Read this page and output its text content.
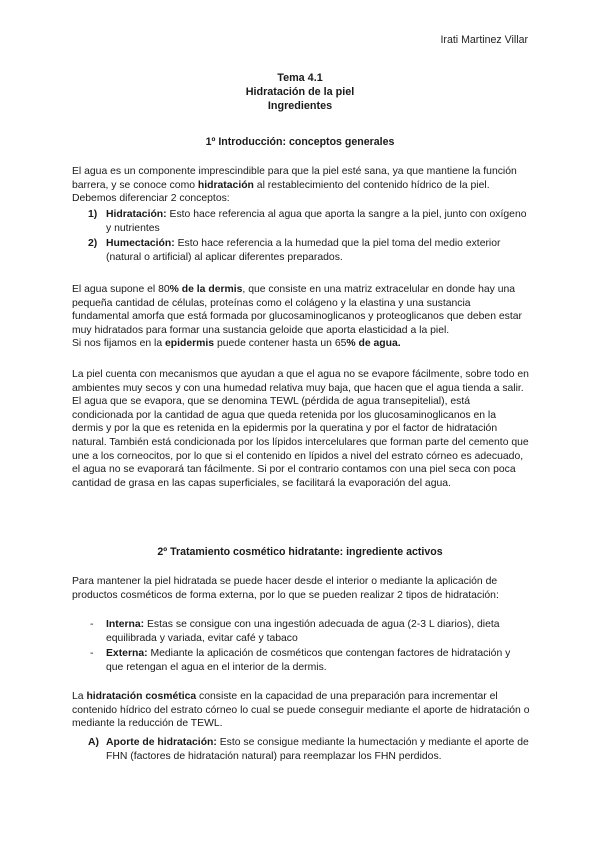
Irati Martinez Villar
Tema 4.1
Hidratación de la piel
Ingredientes
1º Introducción: conceptos generales

El agua es un componente imprescindible para que la piel esté sana, ya que mantiene la función barrera, y se conoce como hidratación al restablecimiento del contenido hídrico de la piel. Debemos diferenciar 2 conceptos:

1) Hidratación: Esto hace referencia al agua que aporta la sangre a la piel, junto con oxígeno y nutrientes
2) Humectación: Esto hace referencia a la humedad que la piel toma del medio exterior (natural o artificial) al aplicar diferentes preparados.

El agua supone el 80% de la dermis, que consiste en una matriz extracelular en donde hay una pequeña cantidad de células, proteínas como el colágeno y la elastina y una sustancia fundamental amorfa que está formada por glucosaminoglicanos y proteoglicanos que deben estar muy hidratados para formar una sustancia geloide que aporta elasticidad a la piel.

Si nos fijamos en la epidermis puede contener hasta un 65% de agua.

La piel cuenta con mecanismos que ayudan a que el agua no se evapore fácilmente, sobre todo en ambientes muy secos y con una humedad relativa muy baja, que hacen que el agua tienda a salir.

El agua que se evapora, que se denomina TEWL (pérdida de agua transepitelial), está condicionada por la cantidad de agua que queda retenida por los glucosaminoglicanos en la dermis y por la que es retenida en la epidermis por la queratina y por el factor de hidratación natural. También está condicionada por los lípidos intercelulares que forman parte del cemento que une a los corneocitos, por lo que si el contenido en lípidos a nivel del estrato córneo es adecuado, el agua no se evaporará tan fácilmente. Si por el contrario contamos con una piel seca con poca cantidad de grasa en las capas superficiales, se facilitará la evaporación del agua.

2º Tratamiento cosmético hidratante: ingrediente activos

Para mantener la piel hidratada se puede hacer desde el interior o mediante la aplicación de productos cosméticos de forma externa, por lo que se pueden realizar 2 tipos de hidratación:

- Interna: Estas se consigue con una ingestión adecuada de agua (2-3 L diarios), dieta equilibrada y variada, evitar café y tabaco
- Externa: Mediante la aplicación de cosméticos que contengan factores de hidratación y que retengan el agua en el interior de la dermis.

La hidratación cosmética consiste en la capacidad de una preparación para incrementar el contenido hídrico del estrato córneo lo cual se puede conseguir mediante el aporte de hidratación o mediante la reducción de TEWL.

A) Aporte de hidratación: Esto se consigue mediante la humectación y mediante el aporte de FHN (factores de hidratación natural) para reemplazar los FHN perdidos.
